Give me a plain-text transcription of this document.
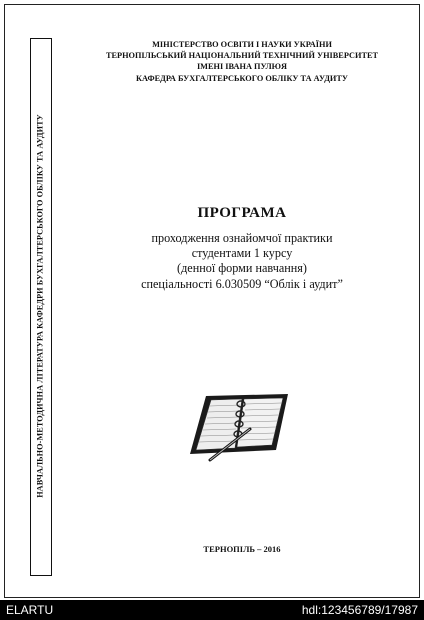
НАВЧАЛЬНО-МЕТОДИЧНА ЛІТЕРАТУРА КАФЕДРИ БУХГАЛТЕРСЬКОГО ОБЛІКУ ТА АУДИТУ
МІНІСТЕРСТВО ОСВІТИ І НАУКИ УКРАЇНИ
ТЕРНОПІЛЬСЬКИЙ НАЦІОНАЛЬНИЙ ТЕХНІЧНИЙ УНІВЕРСИТЕТ
ІМЕНІ ІВАНА ПУЛЮЯ
КАФЕДРА БУХГАЛТЕРСЬКОГО ОБЛІКУ ТА АУДИТУ
ПРОГРАМА
проходження ознайомчої практики
студентами 1 курсу
(денної форми навчання)
спеціальності 6.030509 “Облік і аудит”
ТЕРНОПІЛЬ – 2016
ELARTU	hdl:123456789/17987
